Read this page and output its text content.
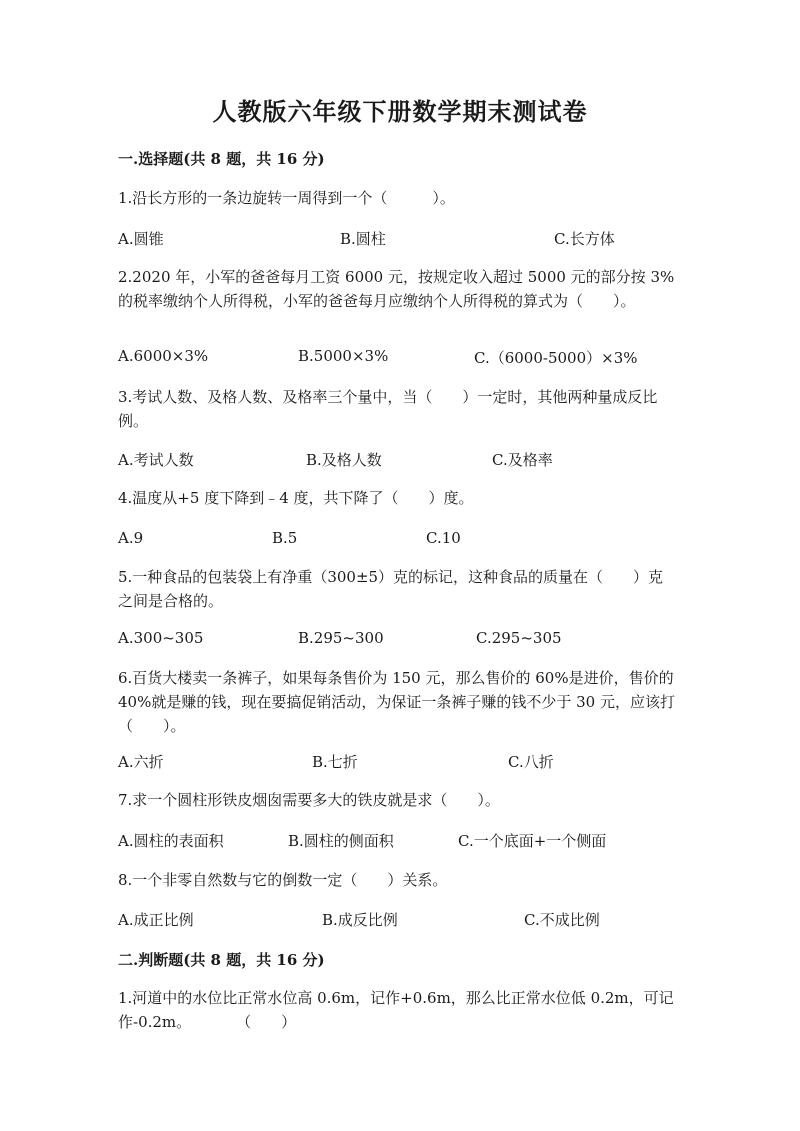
人教版六年级下册数学期末测试卷
一.选择题(共 8 题，共 16 分)
1.沿长方形的一条边旋转一周得到一个（　　　）。
A.圆锥	B.圆柱	C.长方体
2.2020 年，小军的爸爸每月工资 6000 元，按规定收入超过 5000 元的部分按 3%的税率缴纳个人所得税，小军的爸爸每月应缴纳个人所得税的算式为（　　）。
A.6000×3%	B.5000×3%	C.（6000-5000）×3%
3.考试人数、及格人数、及格率三个量中，当（　　）一定时，其他两种量成反比例。
A.考试人数	B.及格人数	C.及格率
4.温度从+5 度下降到﹣4 度，共下降了（　　）度。
A.9	B.5	C.10
5.一种食品的包装袋上有净重（300±5）克的标记，这种食品的质量在（　　）克之间是合格的。
A.300~305	B.295~300	C.295~305
6.百货大楼卖一条裤子，如果每条售价为 150 元，那么售价的 60%是进价，售价的 40%就是赚的钱，现在要搞促销活动，为保证一条裤子赚的钱不少于 30 元，应该打（　　）。
A.六折	B.七折	C.八折
7.求一个圆柱形铁皮烟囱需要多大的铁皮就是求（　　）。
A.圆柱的表面积	B.圆柱的侧面积	C.一个底面+一个侧面
8.一个非零自然数与它的倒数一定（　　）关系。
A.成正比例	B.成反比例	C.不成比例
二.判断题(共 8 题，共 16 分)
1.河道中的水位比正常水位高 0.6m，记作+0.6m，那么比正常水位低 0.2m，可记作-0.2m。　　　　（　　）
